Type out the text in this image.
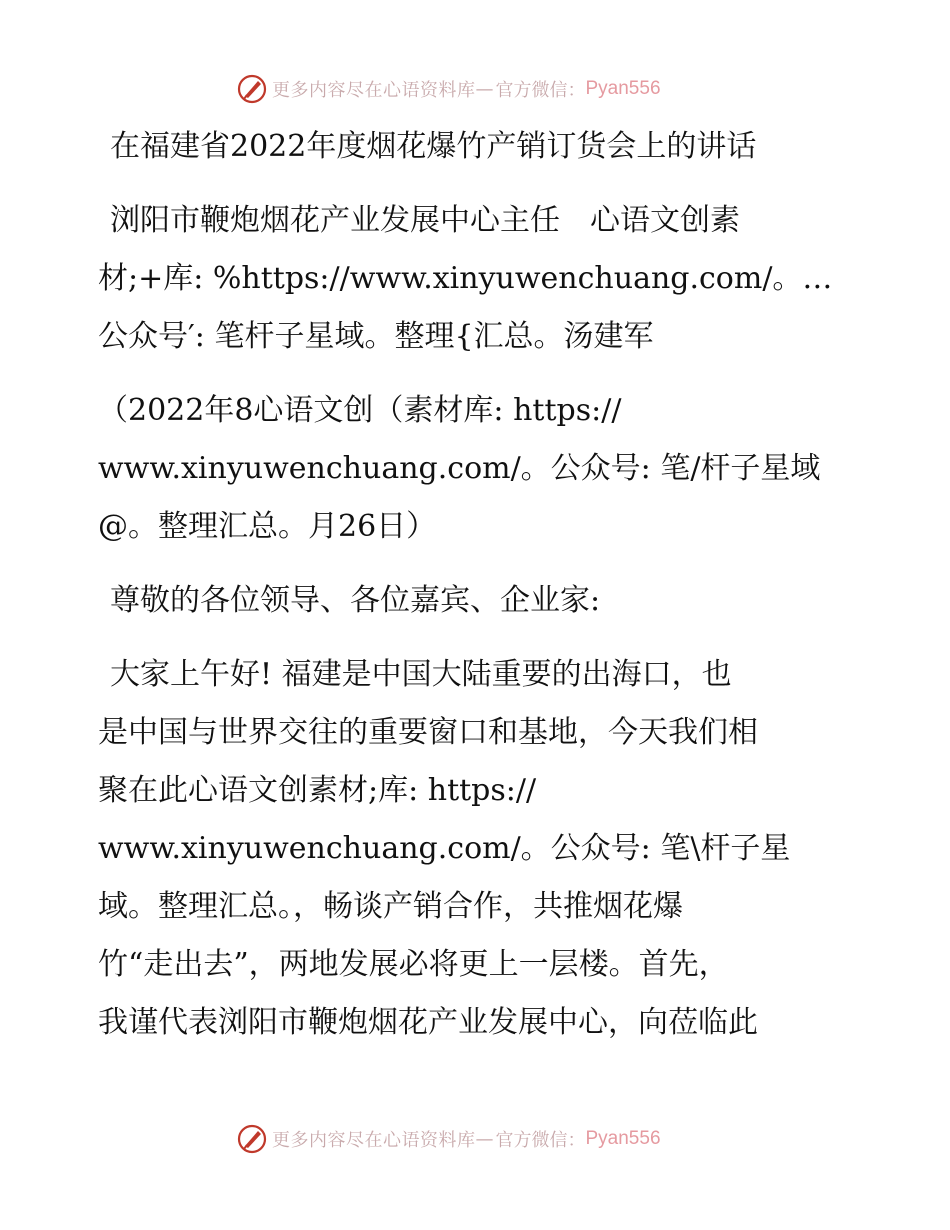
更多内容尽在心语资料库 — 官方微信： Pyan556

在福建省2022年度烟花爆竹产销订货会上的讲话

浏阳市鞭炮烟花产业发展中心主任　心语文创素

材;+库: %https://www.xinyuwenchuang.com/。…

公众号′: 笔杆子星域。整理{汇总。汤建军

（2022年8心语文创（素材库: https://

www.xinyuwenchuang.com/。公众号: 笔/杆子星域

@。整理汇总。月26日）

尊敬的各位领导、各位嘉宾、企业家:

大家上午好! 福建是中国大陆重要的出海口，也

是中国与世界交往的重要窗口和基地，今天我们相

聚在此心语文创素材;库: https://

www.xinyuwenchuang.com/。公众号: 笔\杆子星

域。整理汇总。，畅谈产销合作，共推烟花爆

竹“走出去”，两地发展必将更上一层楼。首先，

我谨代表浏阳市鞭炮烟花产业发展中心，向莅临此

更多内容尽在心语资料库 — 官方微信： Pyan556
